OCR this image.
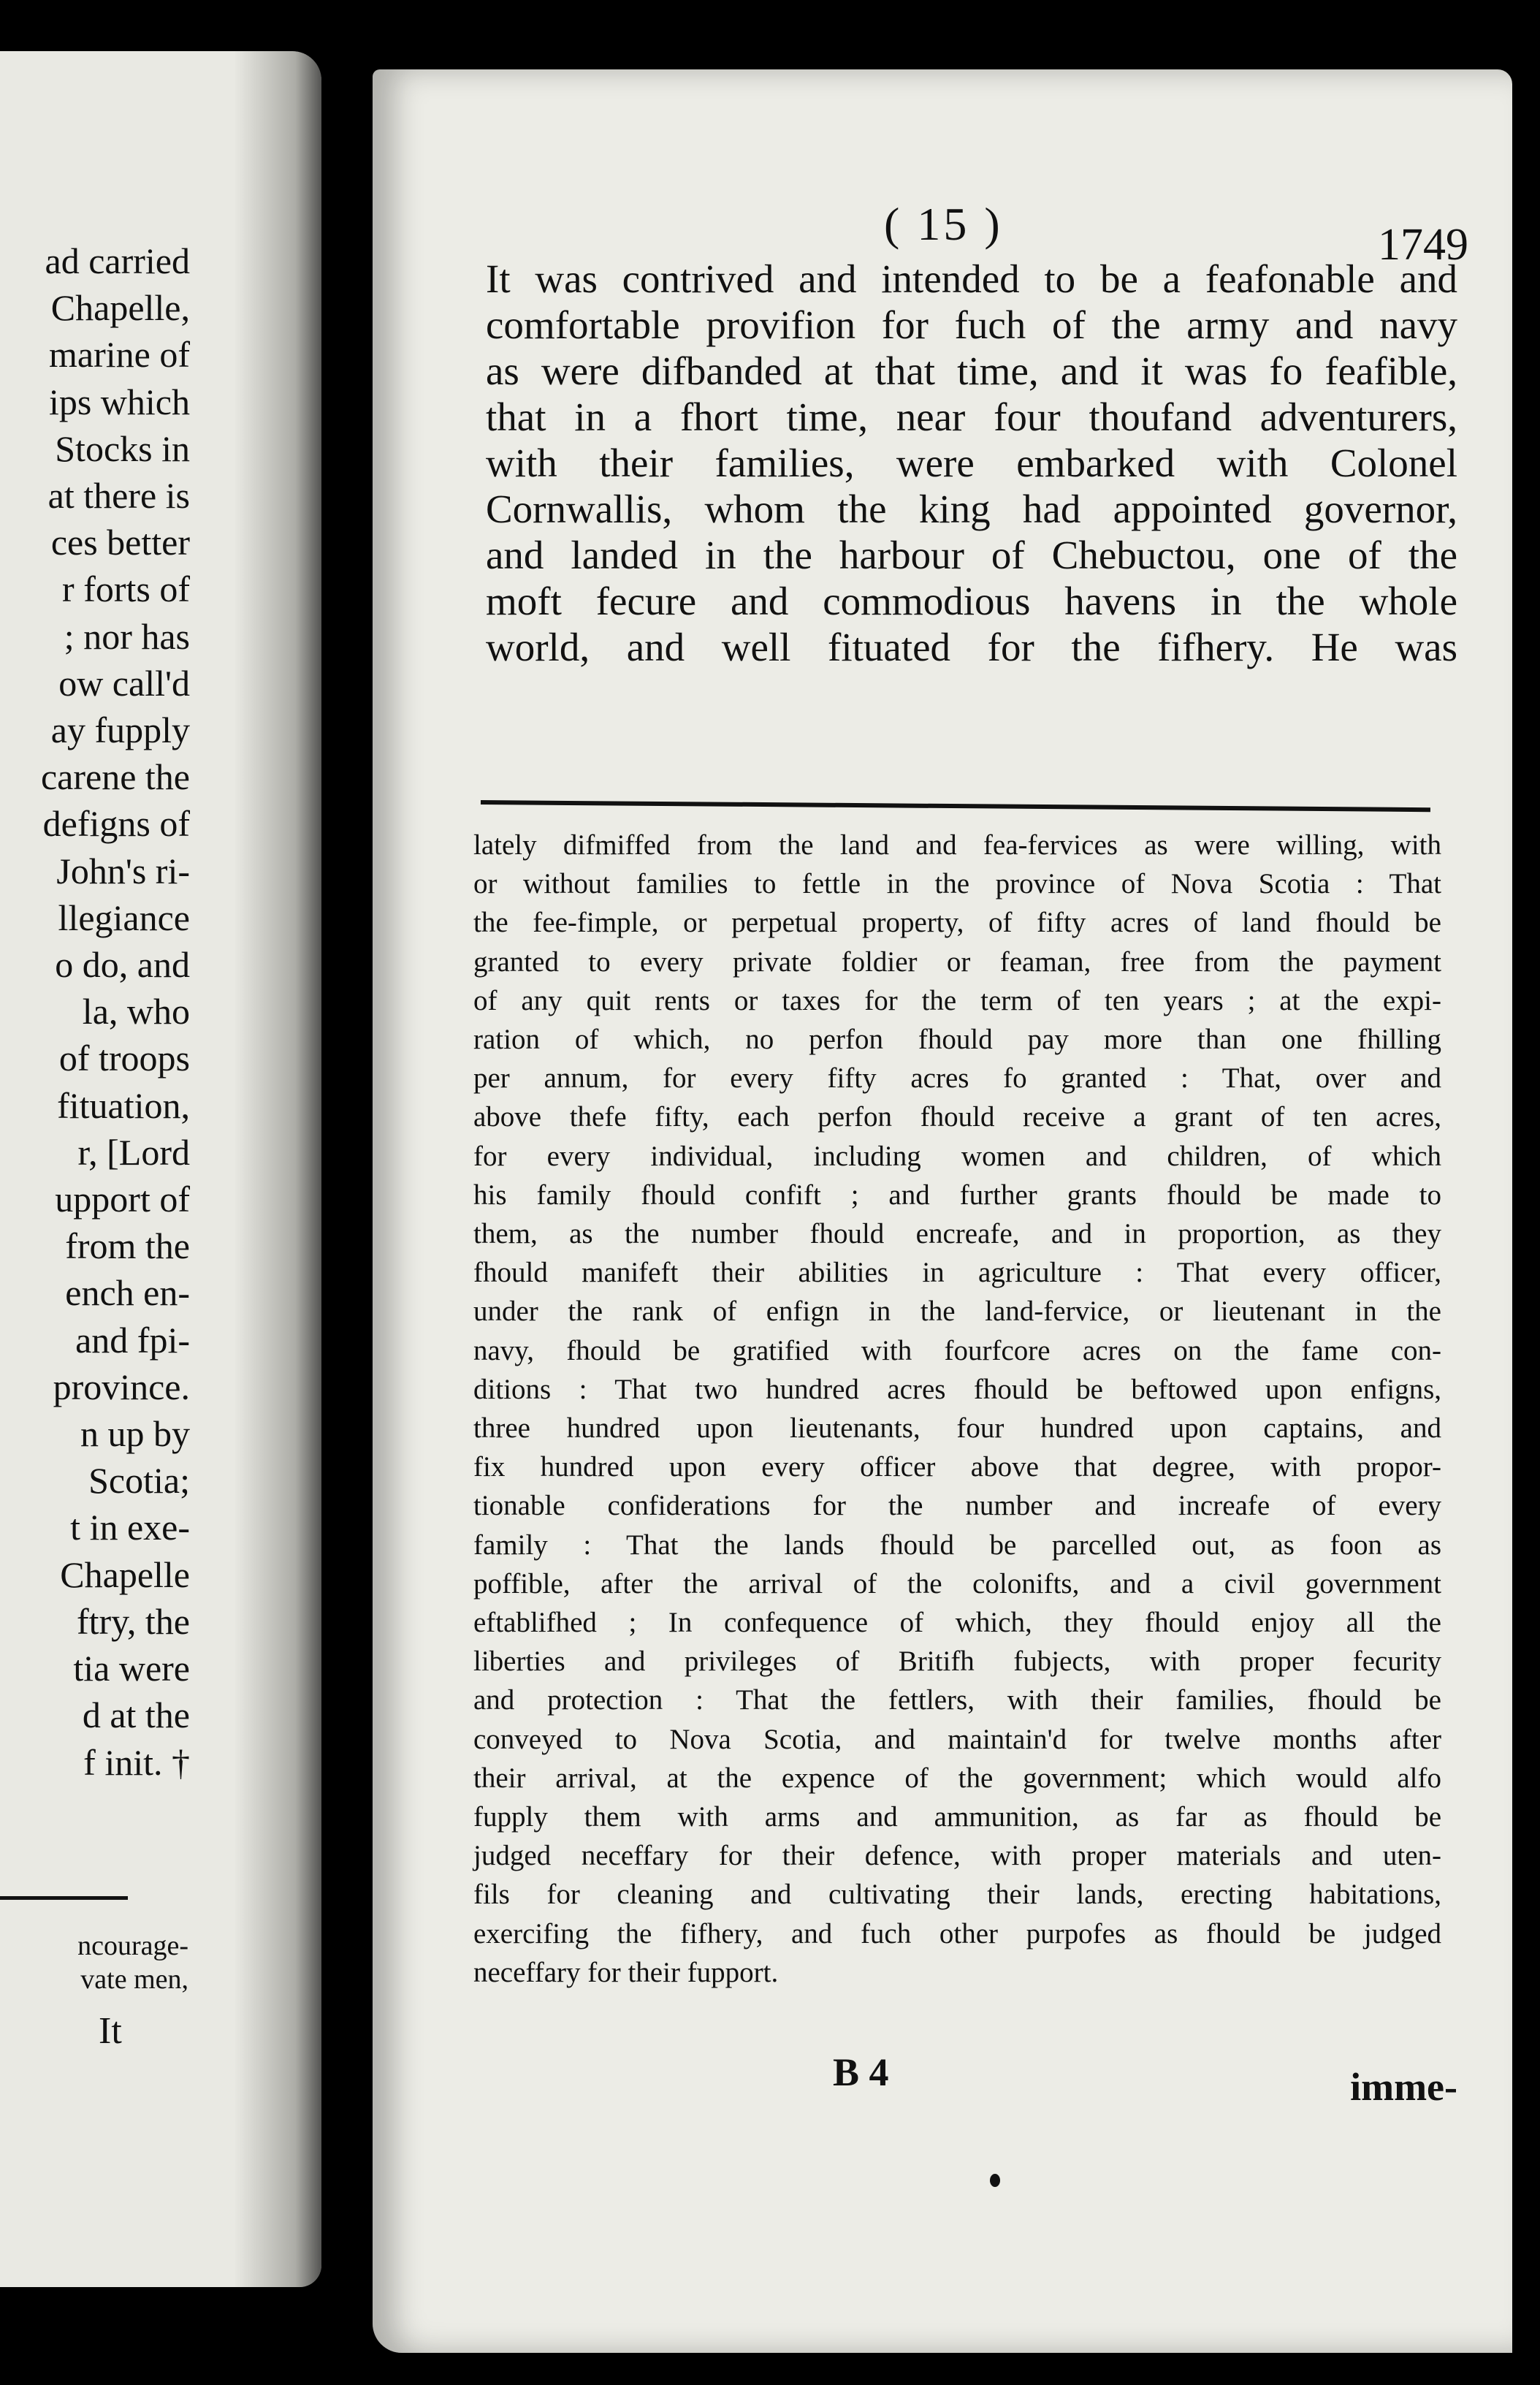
ad carried
Chapelle,
marine of
ips which
Stocks in
at there is
ces better
r forts of
; nor has
ow call'd
ay fupply
carene the
defigns of
John's ri-
llegiance
o do, and
la, who
of troops
fituation,
r, [Lord
upport of
from the
ench en-
and fpi-
province.
n up by
Scotia;
t in exe-
Chapelle
ftry, the
tia were
d at the
f init. †
ncourage-
vate men,
It
( 15 )	1749
It was contrived and intended to be a feafonable and
comfortable provifion for fuch of the army and navy
as were difbanded at that time, and it was fo feafible,
that in a fhort time, near four thoufand adventurers,
with their families, were embarked with Colonel
Cornwallis, whom the king had appointed governor,
and landed in the harbour of Chebuctou, one of the
moft fecure and commodious havens in the whole
world, and well fituated for the fifhery. He was
lately difmiffed from the land and fea-fervices as were willing, with
or without families to fettle in the province of Nova Scotia : That
the fee-fimple, or perpetual property, of fifty acres of land fhould be
granted to every private foldier or feaman, free from the payment
of any quit rents or taxes for the term of ten years ; at the expi-
ration of which, no perfon fhould pay more than one fhilling
per annum, for every fifty acres fo granted : That, over and
above thefe fifty, each perfon fhould receive a grant of ten acres,
for every individual, including women and children, of which
his family fhould confift ; and further grants fhould be made to
them, as the number fhould encreafe, and in proportion, as they
fhould manifeft their abilities in agriculture : That every officer,
under the rank of enfign in the land-fervice, or lieutenant in the
navy, fhould be gratified with fourfcore acres on the fame con-
ditions : That two hundred acres fhould be beftowed upon enfigns,
three hundred upon lieutenants, four hundred upon captains, and
fix hundred upon every officer above that degree, with propor-
tionable confiderations for the number and increafe of every
family : That the lands fhould be parcelled out, as foon as
poffible, after the arrival of the colonifts, and a civil government
eftablifhed ; In confequence of which, they fhould enjoy all the
liberties and privileges of Britifh fubjects, with proper fecurity
and protection : That the fettlers, with their families, fhould be
conveyed to Nova Scotia, and maintain'd for twelve months after
their arrival, at the expence of the government; which would alfo
fupply them with arms and ammunition, as far as fhould be
judged neceffary for their defence, with proper materials and uten-
fils for cleaning and cultivating their lands, erecting habitations,
exercifing the fifhery, and fuch other purpofes as fhould be judged
neceffary for their fupport.
B 4	imme-
